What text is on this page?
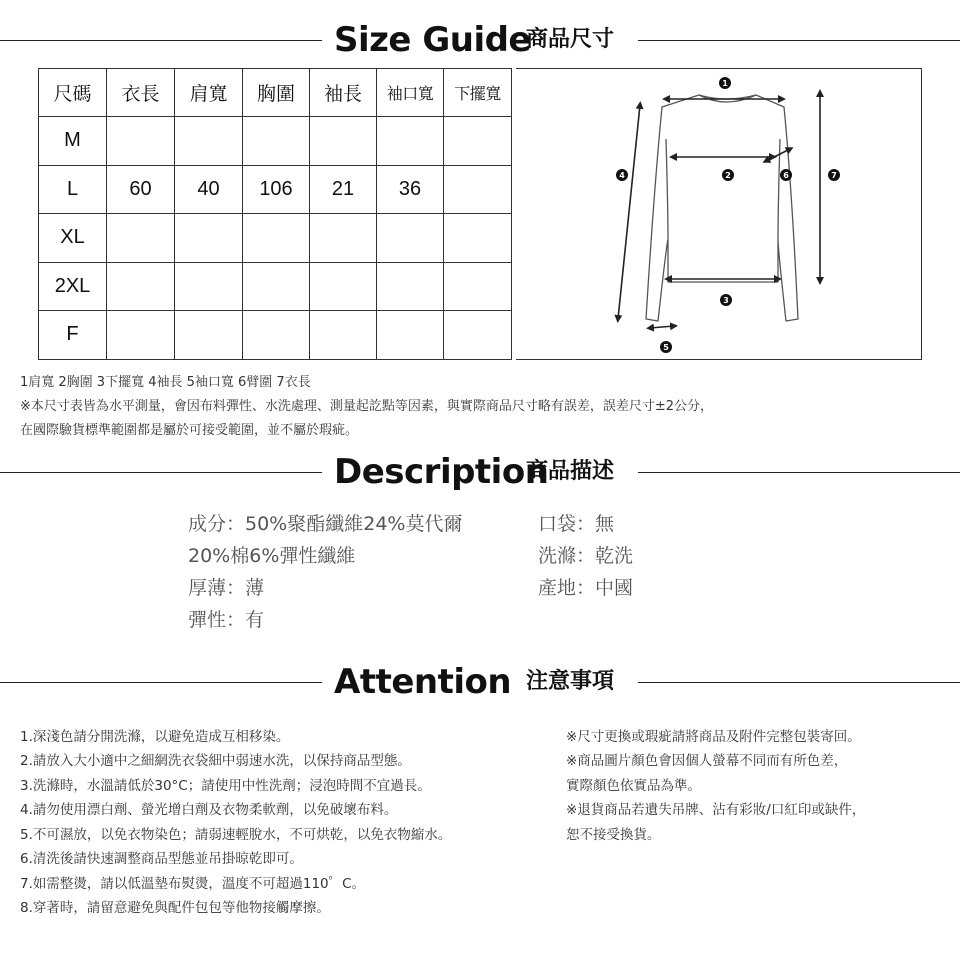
Size Guide
商品尺寸
尺碼	衣長	肩寬	胸圍	袖長	袖口寬	下擺寬
M						
L	60	40	106	21	36	
XL						
2XL						
F						
1
2
3
4
5
6	7
1肩寬 2胸圍 3下擺寬 4袖長 5袖口寬 6臂圍 7衣長
※本尺寸表皆為水平測量，會因布料彈性、水洗處理、測量起訖點等因素，與實際商品尺寸略有誤差，誤差尺寸±2公分，
在國際驗貨標準範圍都是屬於可接受範圍，並不屬於瑕疵。
Description
商品描述
成分：50%聚酯纖維24%莫代爾
20%棉6%彈性纖維
厚薄：薄
彈性：有
口袋：無
洗滌：乾洗
產地：中國
Attention 注意事項
1.深淺色請分開洗滌，以避免造成互相移染。
2.請放入大小適中之細網洗衣袋細中弱速水洗，以保持商品型態。
3.洗滌時，水溫請低於30°C；請使用中性洗劑；浸泡時間不宜過長。
4.請勿使用漂白劑、螢光增白劑及衣物柔軟劑，以免破壞布料。
5.不可濕放，以免衣物染色；請弱速輕脫水，不可烘乾，以免衣物縮水。
6.清洗後請快速調整商品型態並吊掛晾乾即可。
7.如需整燙，請以低溫墊布熨燙，溫度不可超過110゜C。
8.穿著時，請留意避免與配件包包等他物接觸摩擦。
※尺寸更換或瑕疵請將商品及附件完整包裝寄回。
※商品圖片顏色會因個人螢幕不同而有所色差，
實際顏色依實品為準。
※退貨商品若遺失吊牌、沾有彩妝/口紅印或缺件，
恕不接受換貨。
